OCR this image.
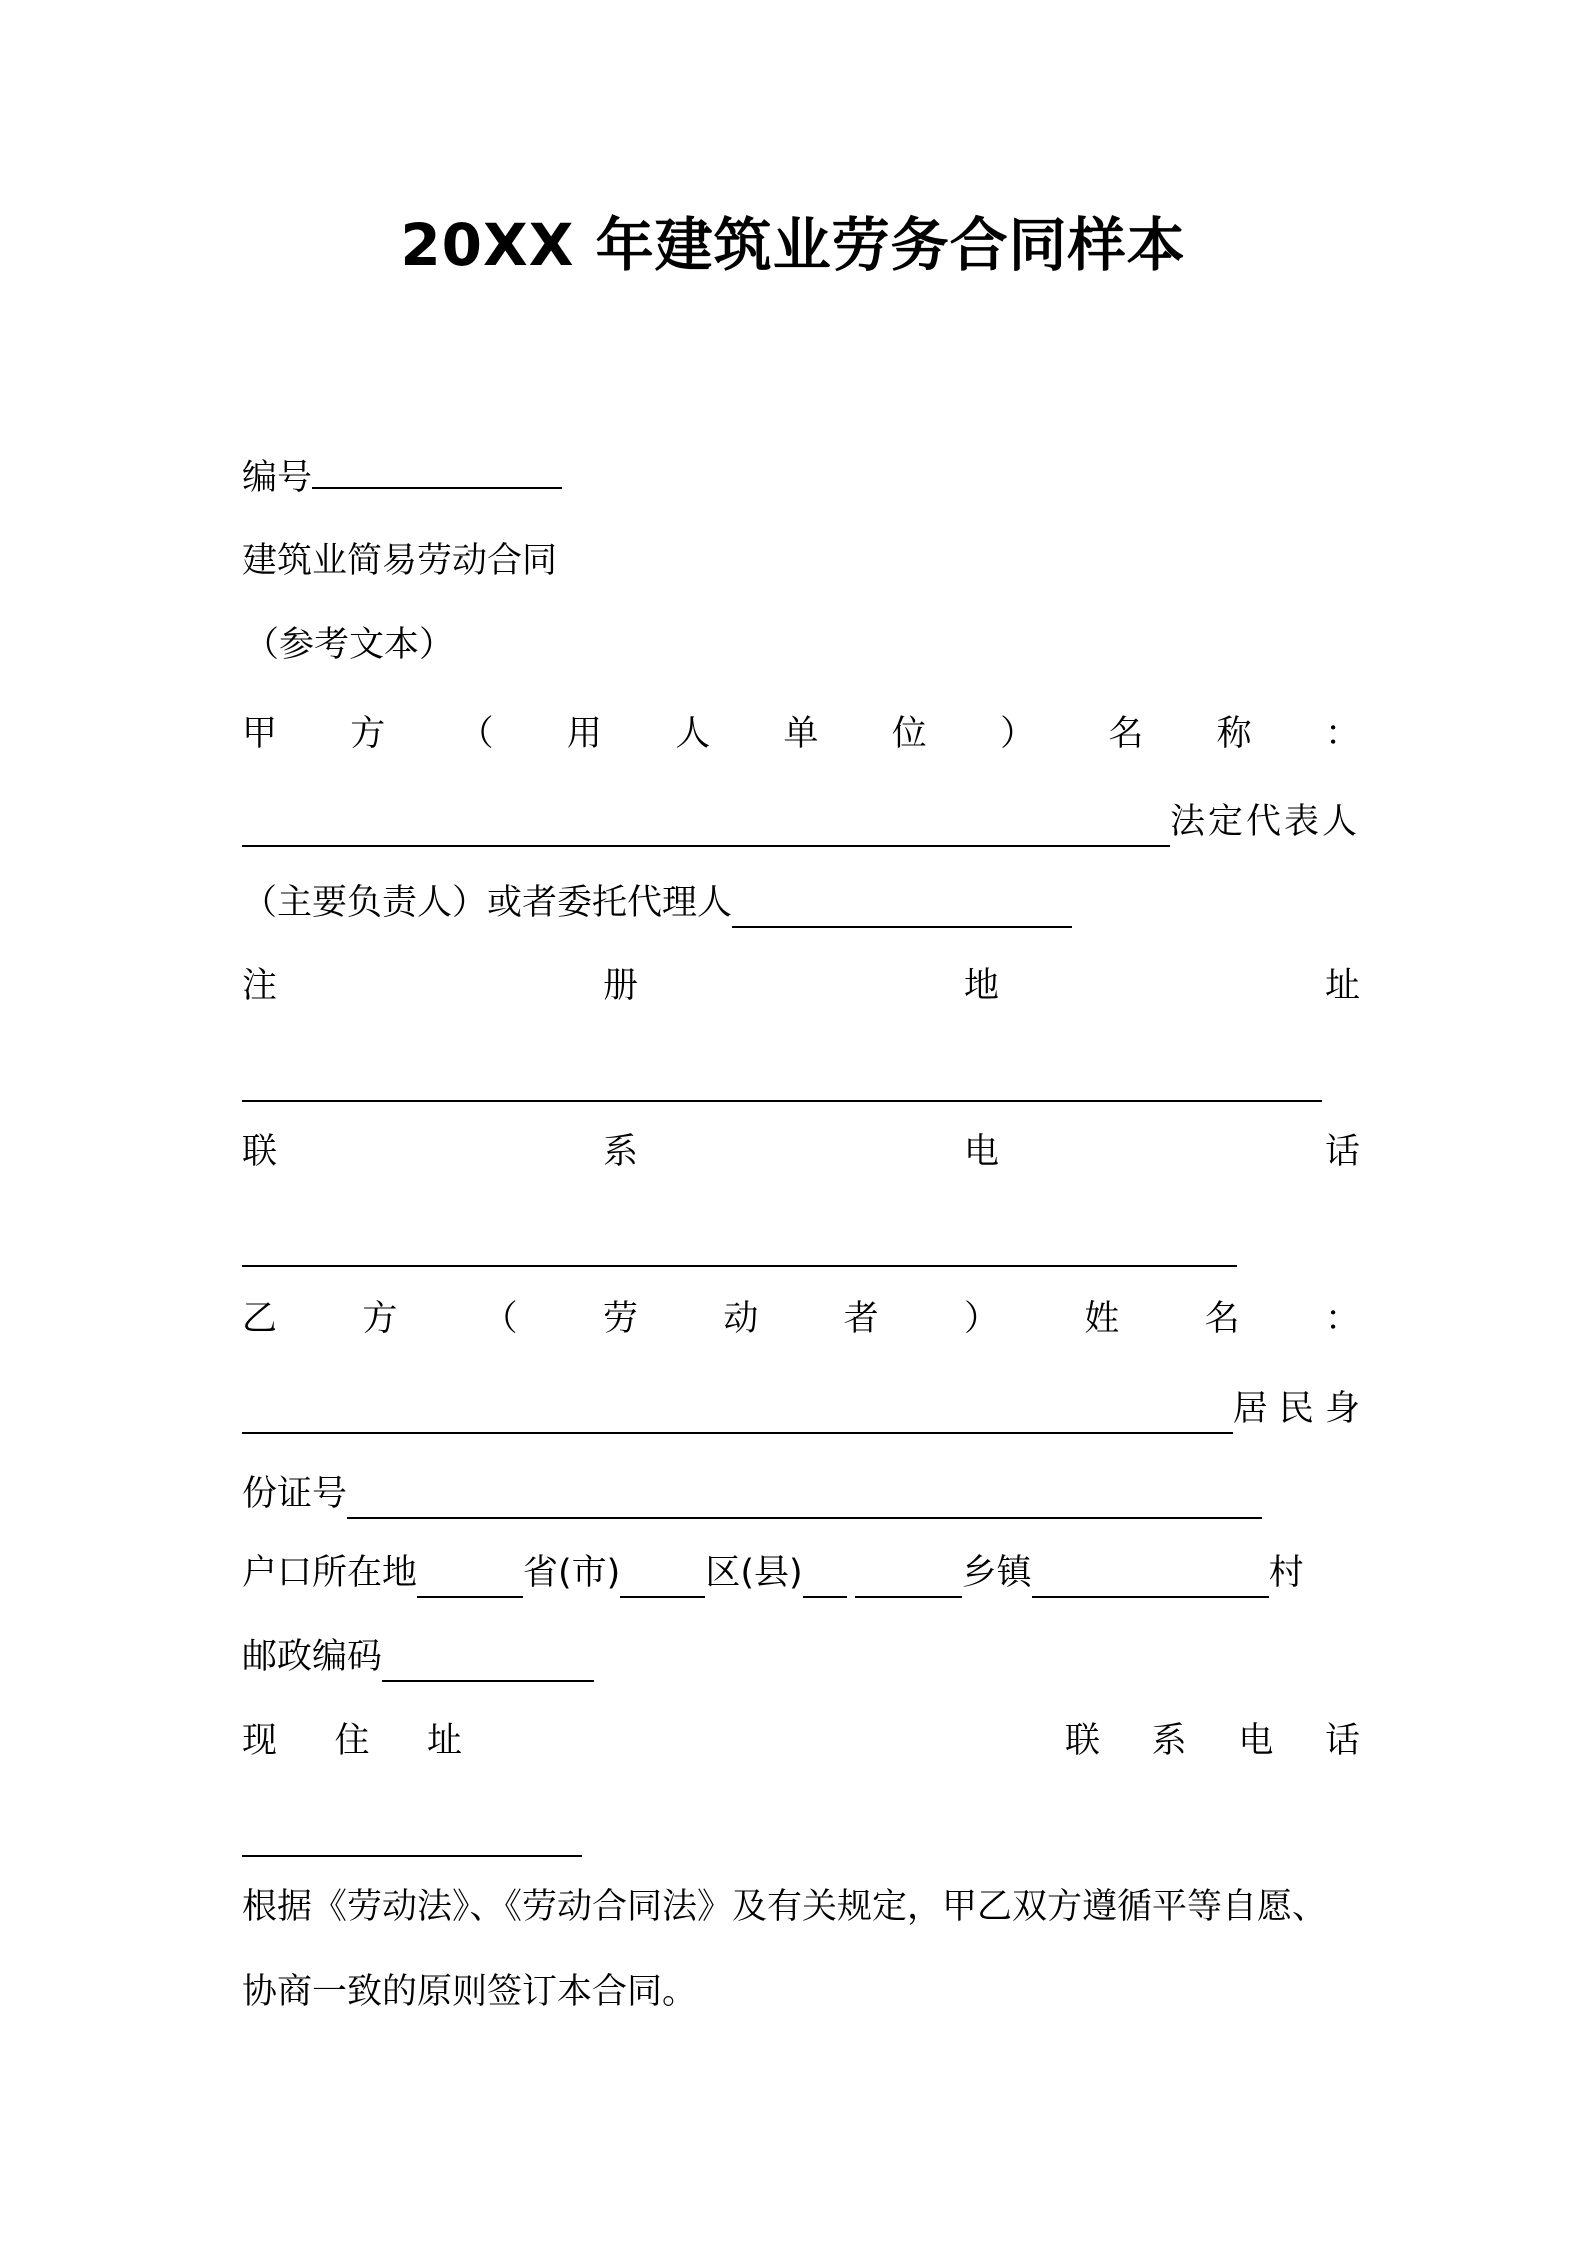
20XX 年建筑业劳务合同样本
编号
建筑业简易劳动合同
（参考文本）
甲 方 （ 用 人 单 位 ） 名 称 ：
法定代表人
（主要负责人）或者委托代理人
注	册	地	址
联	系	电	话
乙 方 （ 劳 动 者 ） 姓 名 ：
居 民 身
份证号
户口所在地	省(市) 区(县)	乡镇	村
邮政编码
现 住 址	联 系 电 话
根据《劳动法》、《劳动合同法》及有关规定，甲乙双方遵循平等自愿、
协商一致的原则签订本合同。
